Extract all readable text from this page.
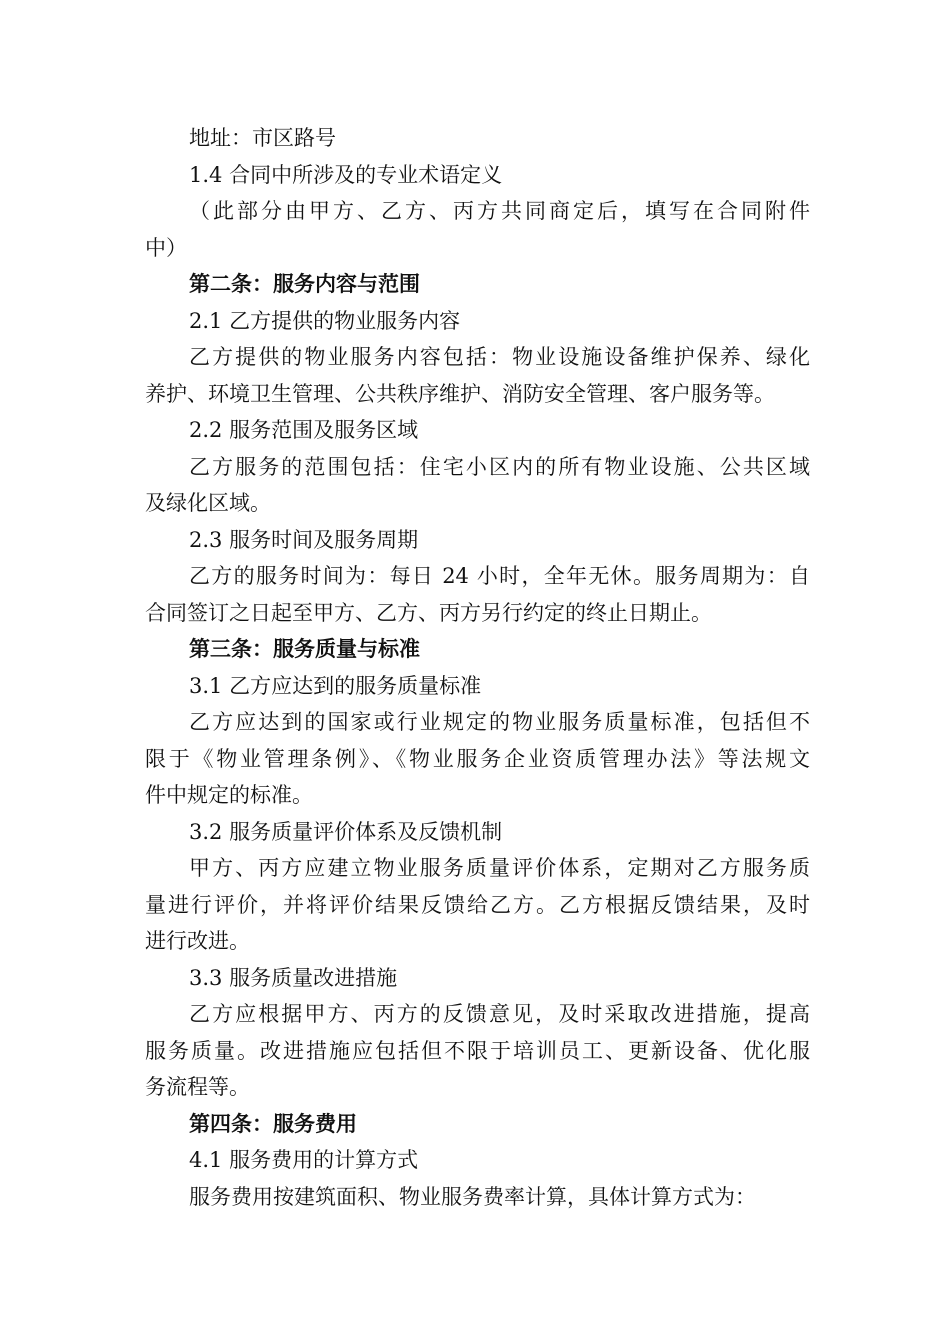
地址：市区路号

1.4 合同中所涉及的专业术语定义

（此部分由甲方、乙方、丙方共同商定后，填写在合同附件

中）

第二条：服务内容与范围

2.1 乙方提供的物业服务内容

乙方提供的物业服务内容包括：物业设施设备维护保养、绿化

养护、环境卫生管理、公共秩序维护、消防安全管理、客户服务等。

2.2 服务范围及服务区域

乙方服务的范围包括：住宅小区内的所有物业设施、公共区域

及绿化区域。

2.3 服务时间及服务周期

乙方的服务时间为：每日 24 小时，全年无休。服务周期为：自

合同签订之日起至甲方、乙方、丙方另行约定的终止日期止。

第三条：服务质量与标准

3.1 乙方应达到的服务质量标准

乙方应达到的国家或行业规定的物业服务质量标准，包括但不

限于《物业管理条例》、《物业服务企业资质管理办法》等法规文

件中规定的标准。

3.2 服务质量评价体系及反馈机制

甲方、丙方应建立物业服务质量评价体系，定期对乙方服务质

量进行评价，并将评价结果反馈给乙方。乙方根据反馈结果，及时

进行改进。

3.3 服务质量改进措施

乙方应根据甲方、丙方的反馈意见，及时采取改进措施，提高

服务质量。改进措施应包括但不限于培训员工、更新设备、优化服

务流程等。

第四条：服务费用

4.1 服务费用的计算方式

服务费用按建筑面积、物业服务费率计算，具体计算方式为：
